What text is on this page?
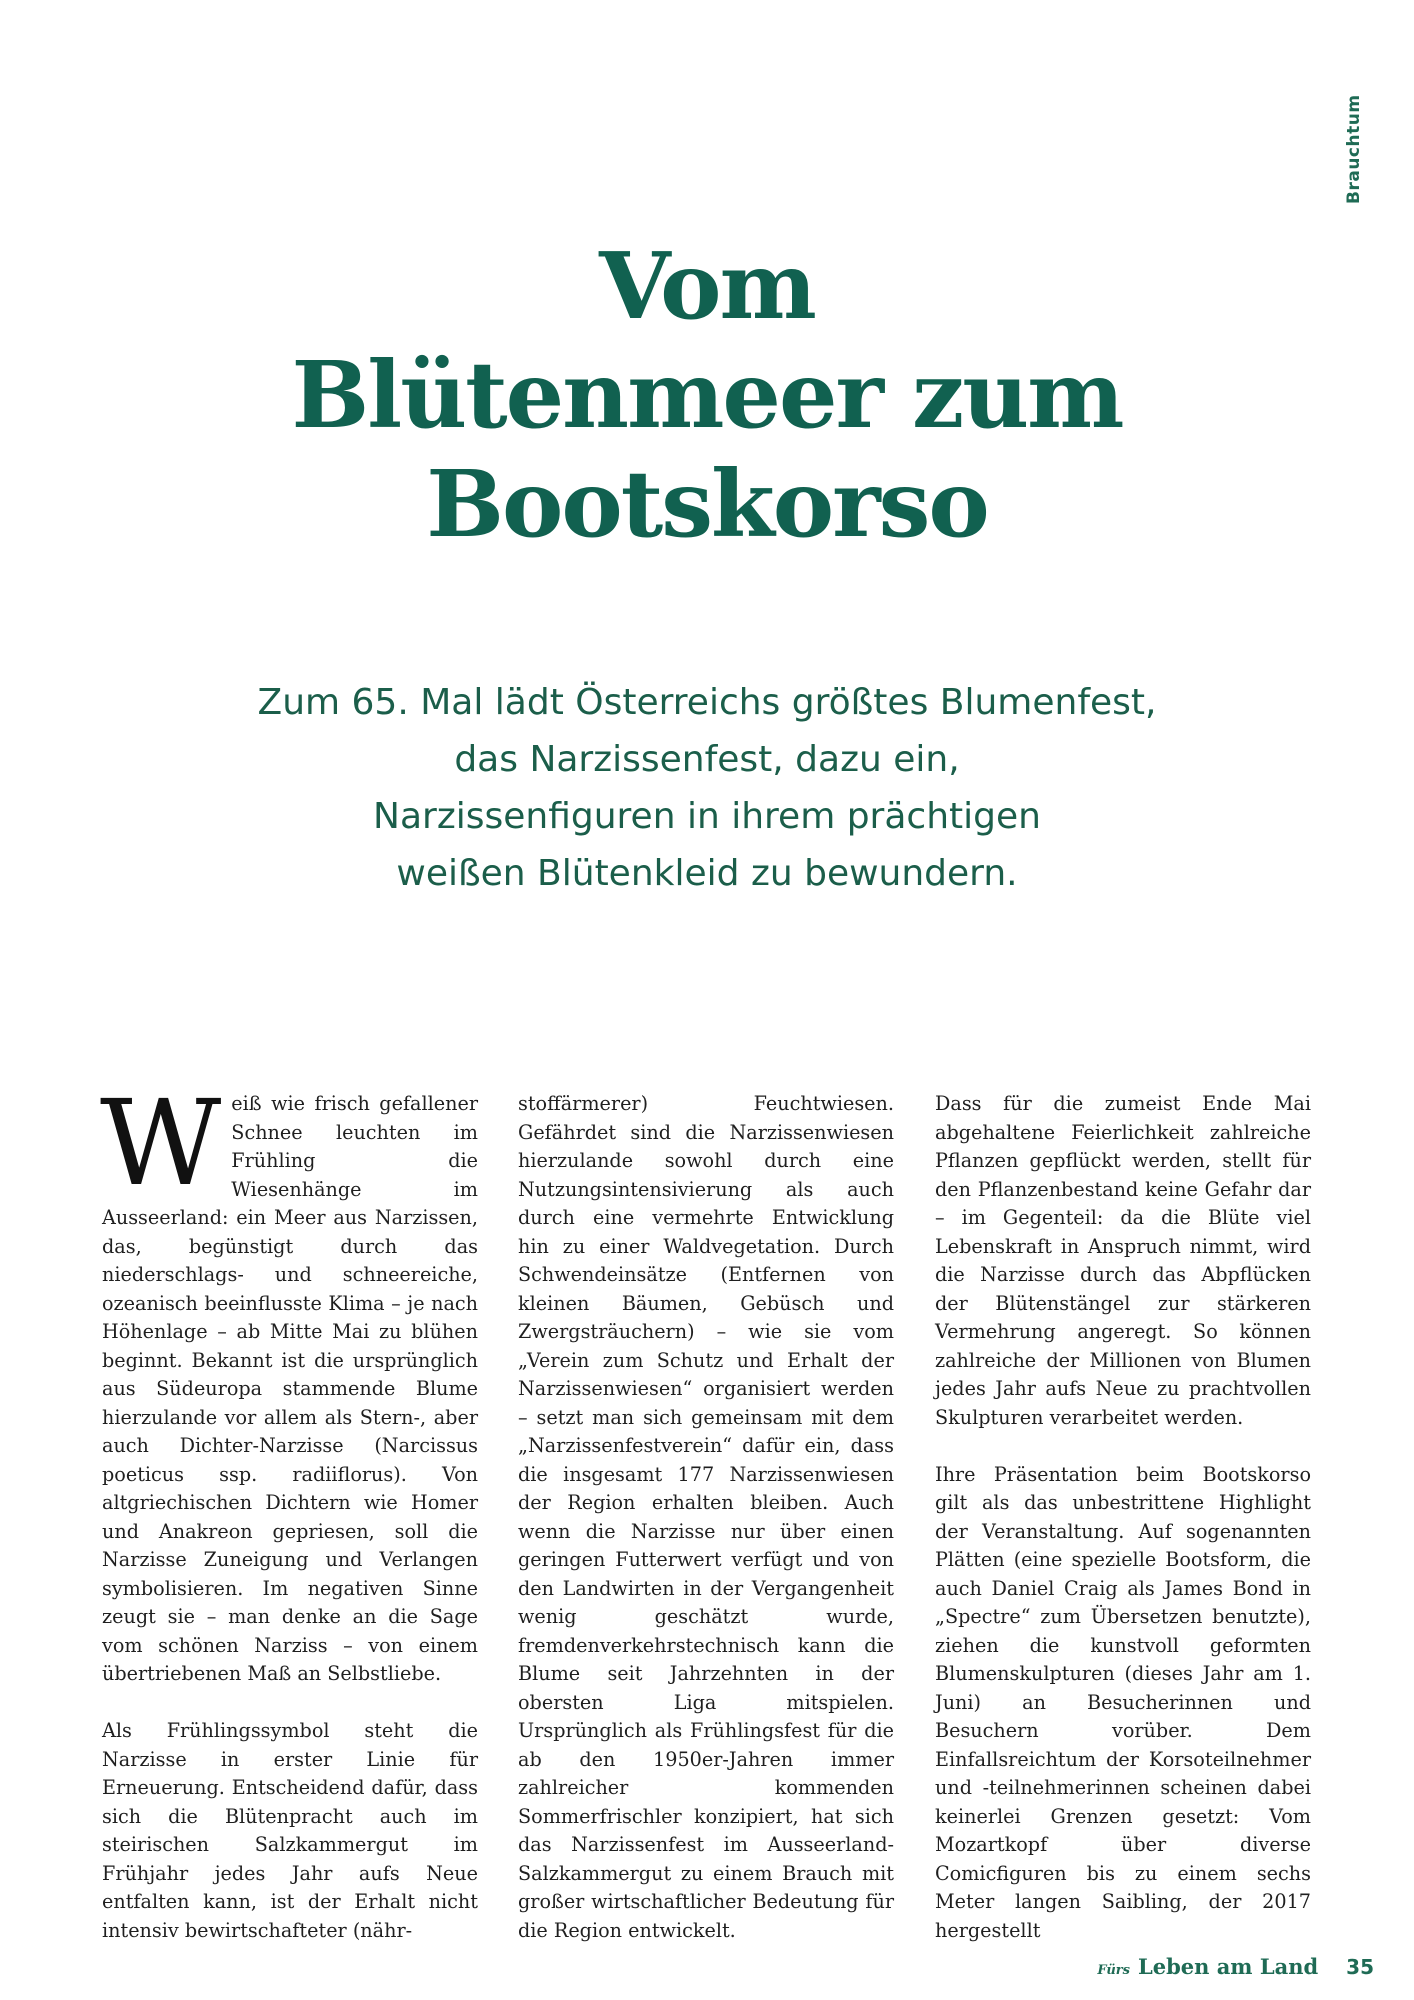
Brauchtum
Vom
Blütenmeer zum
Bootskorso
Zum 65. Mal lädt Österreichs größtes Blumenfest,
das Narzissenfest, dazu ein,
Narzissenfiguren in ihrem prächtigen
weißen Blütenkleid zu bewundern.

Weiß wie frisch gefallener Schnee leuchten im Frühling die Wiesenhänge im Ausseerland: ein Meer aus Narzissen, das, begünstigt durch das niederschlags- und schneereiche, ozeanisch beeinflusste Klima – je nach Höhenlage – ab Mitte Mai zu blühen beginnt. Bekannt ist die ursprünglich aus Südeuropa stammende Blume hierzulande vor allem als Stern-, aber auch Dichter-Narzisse (Narcissus poeticus ssp. radiiflorus). Von altgriechischen Dichtern wie Homer und Anakreon gepriesen, soll die Narzisse Zuneigung und Verlangen symbolisieren. Im negativen Sinne zeugt sie – man denke an die Sage vom schönen Narziss – von einem übertriebenen Maß an Selbstliebe.

Als Frühlingssymbol steht die Narzisse in erster Linie für Erneuerung. Entscheidend dafür, dass sich die Blütenpracht auch im steirischen Salzkammergut im Frühjahr jedes Jahr aufs Neue entfalten kann, ist der Erhalt nicht intensiv bewirtschafteter (nähr-

stoffärmerer) Feuchtwiesen. Gefährdet sind die Narzissenwiesen hierzulande sowohl durch eine Nutzungsintensivierung als auch durch eine vermehrte Entwicklung hin zu einer Waldvegetation. Durch Schwendeinsätze (Entfernen von kleinen Bäumen, Gebüsch und Zwergsträuchern) – wie sie vom „Verein zum Schutz und Erhalt der Narzissenwiesen“ organisiert werden – setzt man sich gemeinsam mit dem „Narzissenfestverein“ dafür ein, dass die insgesamt 177 Narzissenwiesen der Region erhalten bleiben. Auch wenn die Narzisse nur über einen geringen Futterwert verfügt und von den Landwirten in der Vergangenheit wenig geschätzt wurde, fremdenverkehrstechnisch kann die Blume seit Jahrzehnten in der obersten Liga mitspielen. Ursprünglich als Frühlingsfest für die ab den 1950er-Jahren immer zahlreicher kommenden Sommerfrischler konzipiert, hat sich das Narzissenfest im Ausseerland-Salzkammergut zu einem Brauch mit großer wirtschaftlicher Bedeutung für die Region entwickelt.

Dass für die zumeist Ende Mai abgehaltene Feierlichkeit zahlreiche Pflanzen gepflückt werden, stellt für den Pflanzenbestand keine Gefahr dar – im Gegenteil: da die Blüte viel Lebenskraft in Anspruch nimmt, wird die Narzisse durch das Abpflücken der Blütenstängel zur stärkeren Vermehrung angeregt. So können zahlreiche der Millionen von Blumen jedes Jahr aufs Neue zu prachtvollen Skulpturen verarbeitet werden.

Ihre Präsentation beim Bootskorso gilt als das unbestrittene Highlight der Veranstaltung. Auf sogenannten Plätten (eine spezielle Bootsform, die auch Daniel Craig als James Bond in „Spectre“ zum Übersetzen benutzte), ziehen die kunstvoll geformten Blumenskulpturen (dieses Jahr am 1. Juni) an Besucherinnen und Besuchern vorüber. Dem Einfallsreichtum der Korsoteilnehmer und -teilnehmerinnen scheinen dabei keinerlei Grenzen gesetzt: Vom Mozartkopf über diverse Comicfiguren bis zu einem sechs Meter langen Saibling, der 2017 hergestellt

Fürs Leben am Land 35
